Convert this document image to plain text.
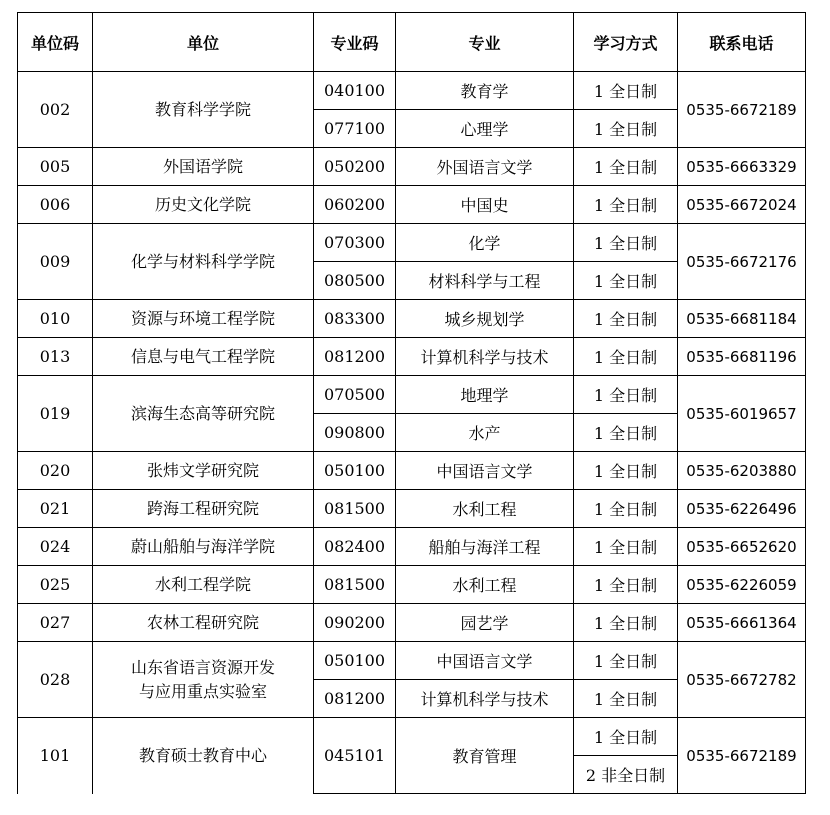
单位码	单位	专业码	专业	学习方式	联系电话
002	教育科学学院	040100	教育学	1 全日制	0535-6672189
		077100	心理学	1 全日制	
005	外国语学院	050200	外国语言文学	1 全日制	0535-6663329
006	历史文化学院	060200	中国史	1 全日制	0535-6672024
009	化学与材料科学学院	070300	化学	1 全日制	0535-6672176
		080500	材料科学与工程	1 全日制	
010	资源与环境工程学院	083300	城乡规划学	1 全日制	0535-6681184
013	信息与电气工程学院	081200	计算机科学与技术	1 全日制	0535-6681196
019	滨海生态高等研究院	070500	地理学	1 全日制	0535-6019657
		090800	水产	1 全日制	
020	张炜文学研究院	050100	中国语言文学	1 全日制	0535-6203880
021	跨海工程研究院	081500	水利工程	1 全日制	0535-6226496
024	蔚山船舶与海洋学院	082400	船舶与海洋工程	1 全日制	0535-6652620
025	水利工程学院	081500	水利工程	1 全日制	0535-6226059
027	农林工程研究院	090200	园艺学	1 全日制	0535-6661364
028	山东省语言资源开发
与应用重点实验室	050100	中国语言文学	1 全日制	0535-6672782
		081200	计算机科学与技术	1 全日制	
101	教育硕士教育中心	045101	教育管理	1 全日制	0535-6672189
				2 非全日制	
